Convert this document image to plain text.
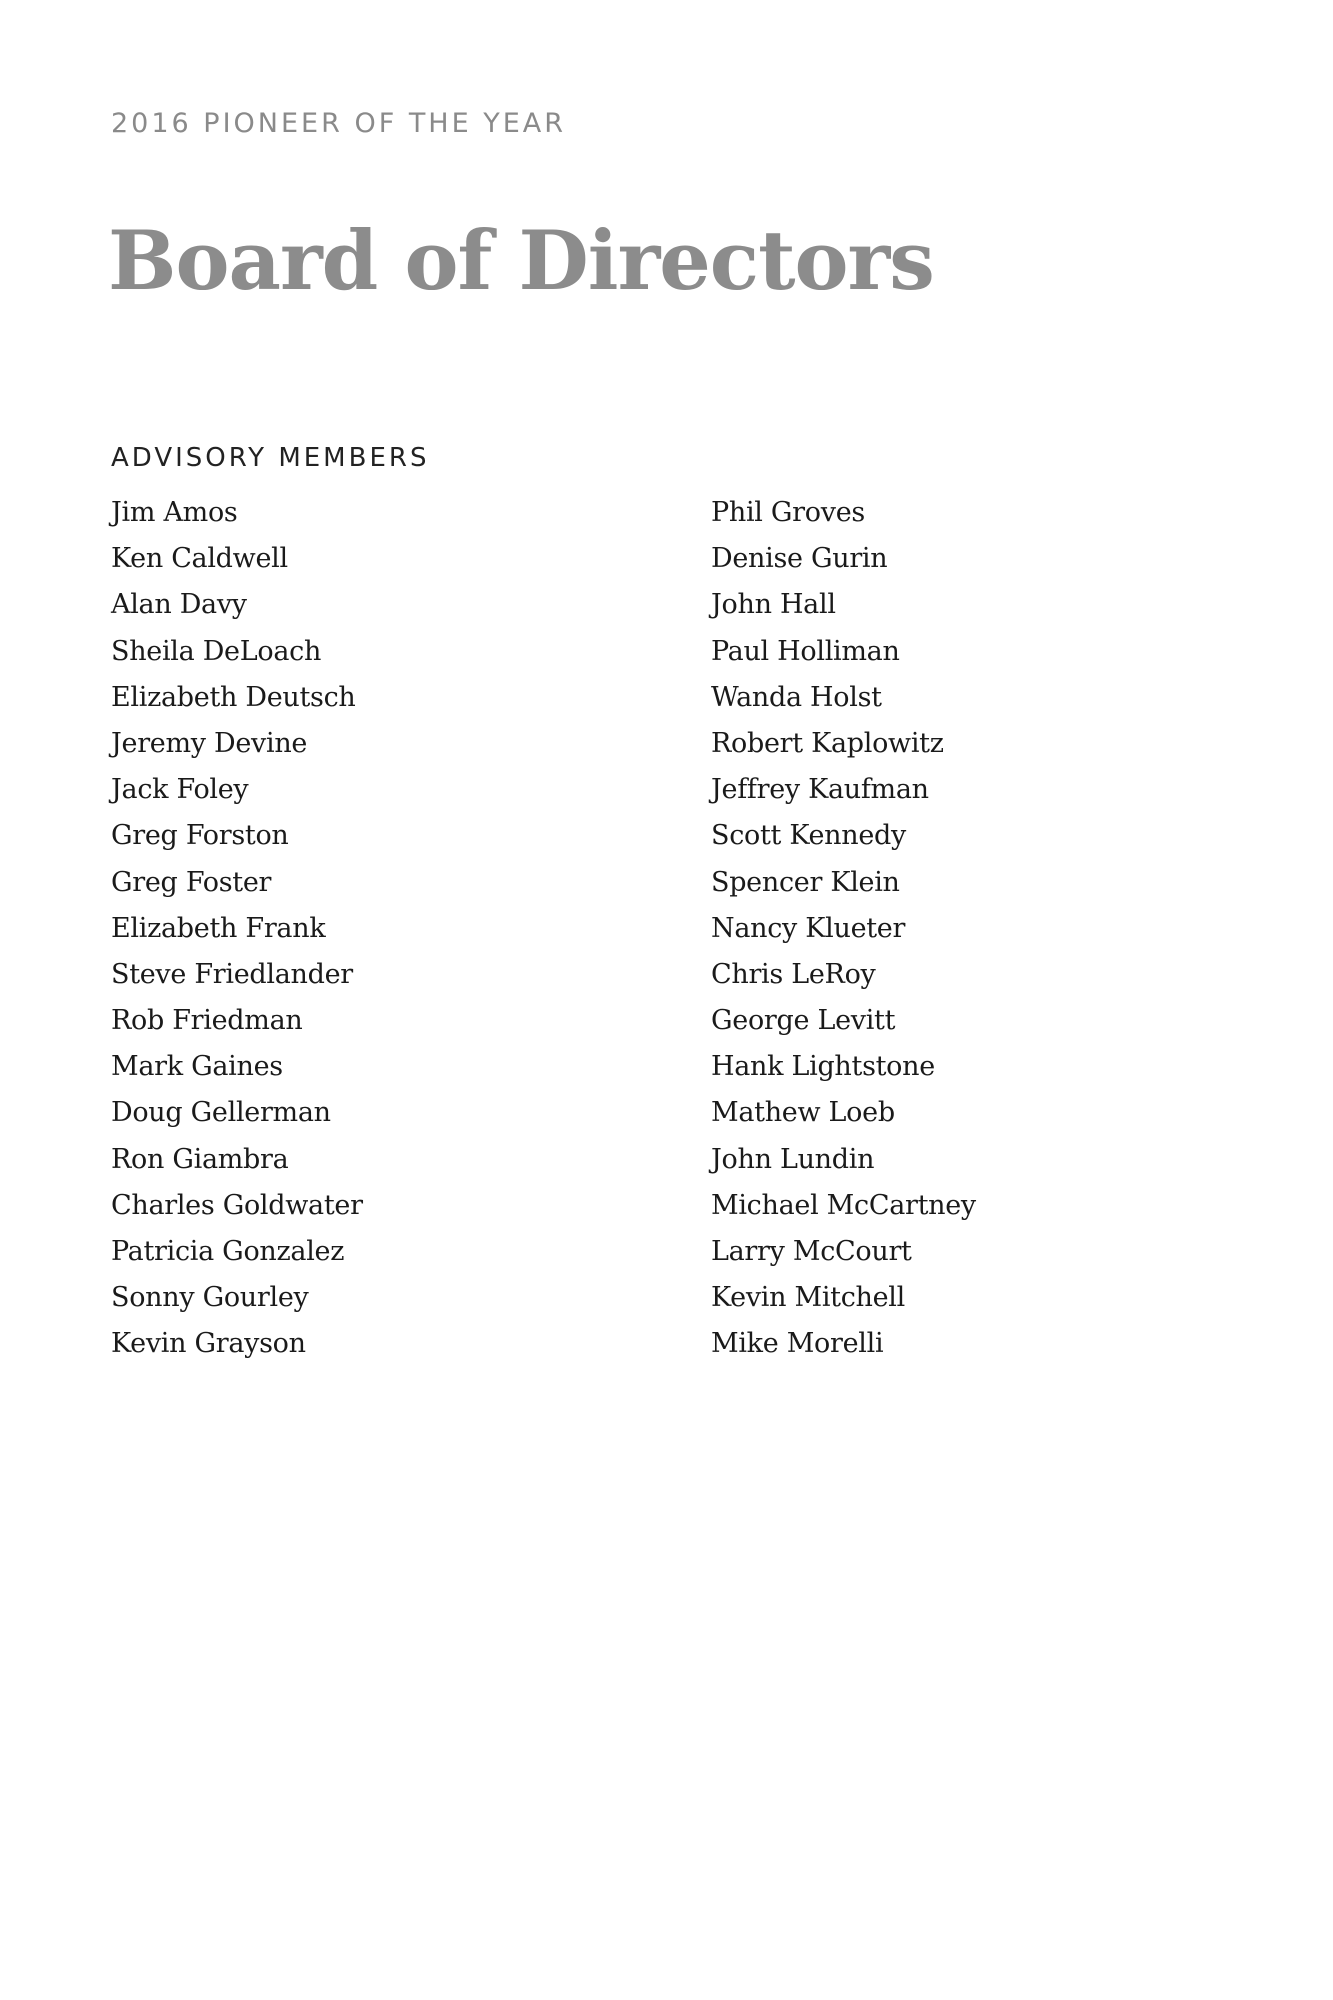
2016 PIONEER OF THE YEAR
Board of Directors
ADVISORY MEMBERS
Jim Amos
Ken Caldwell
Alan Davy
Sheila DeLoach
Elizabeth Deutsch
Jeremy Devine
Jack Foley
Greg Forston
Greg Foster
Elizabeth Frank
Steve Friedlander
Rob Friedman
Mark Gaines
Doug Gellerman
Ron Giambra
Charles Goldwater
Patricia Gonzalez
Sonny Gourley
Kevin Grayson
Phil Groves
Denise Gurin
John Hall
Paul Holliman
Wanda Holst
Robert Kaplowitz
Jeffrey Kaufman
Scott Kennedy
Spencer Klein
Nancy Klueter
Chris LeRoy
George Levitt
Hank Lightstone
Mathew Loeb
John Lundin
Michael McCartney
Larry McCourt
Kevin Mitchell
Mike Morelli
